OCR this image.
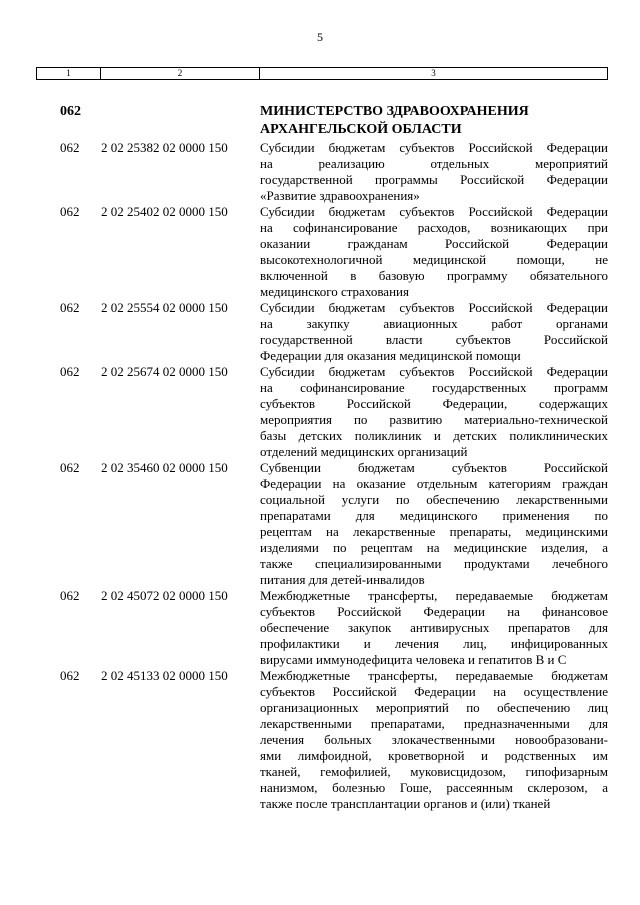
5
1	2	3
062	МИНИСТЕРСТВО ЗДРАВООХРАНЕНИЯ
АРХАНГЕЛЬСКОЙ ОБЛАСТИ
062 2 02 25382 02 0000 150 Субсидии бюджетам субъектов Российской Федерации
на реализацию отдельных мероприятий
государственной программы Российской Федерации
«Развитие здравоохранения»
062 2 02 25402 02 0000 150 Субсидии бюджетам субъектов Российской Федерации
на софинансирование расходов, возникающих при
оказании гражданам Российской Федерации
высокотехнологичной медицинской помощи, не
включенной в базовую программу обязательного
медицинского страхования
062 2 02 25554 02 0000 150 Субсидии бюджетам субъектов Российской Федерации
на закупку авиационных работ органами
государственной власти субъектов Российской
Федерации для оказания медицинской помощи
062 2 02 25674 02 0000 150 Субсидии бюджетам субъектов Российской Федерации
на софинансирование государственных программ
субъектов Российской Федерации, содержащих
мероприятия по развитию материально-технической
базы детских поликлиник и детских поликлинических
отделений медицинских организаций
062 2 02 35460 02 0000 150 Субвенции бюджетам субъектов Российской
Федерации на оказание отдельным категориям граждан
социальной услуги по обеспечению лекарственными
препаратами для медицинского применения по
рецептам на лекарственные препараты, медицинскими
изделиями по рецептам на медицинские изделия, а
также специализированными продуктами лечебного
питания для детей-инвалидов
062 2 02 45072 02 0000 150 Межбюджетные трансферты, передаваемые бюджетам
субъектов Российской Федерации на финансовое
обеспечение закупок антивирусных препаратов для
профилактики и лечения лиц, инфицированных
вирусами иммунодефицита человека и гепатитов В и С
062 2 02 45133 02 0000 150 Межбюджетные трансферты, передаваемые бюджетам
субъектов Российской Федерации на осуществление
организационных мероприятий по обеспечению лиц
лекарственными препаратами, предназначенными для
лечения больных злокачественными новообразовани-
ями лимфоидной, кроветворной и родственных им
тканей, гемофилией, муковисцидозом, гипофизарным
нанизмом, болезнью Гоше, рассеянным склерозом, а
также после трансплантации органов и (или) тканей
